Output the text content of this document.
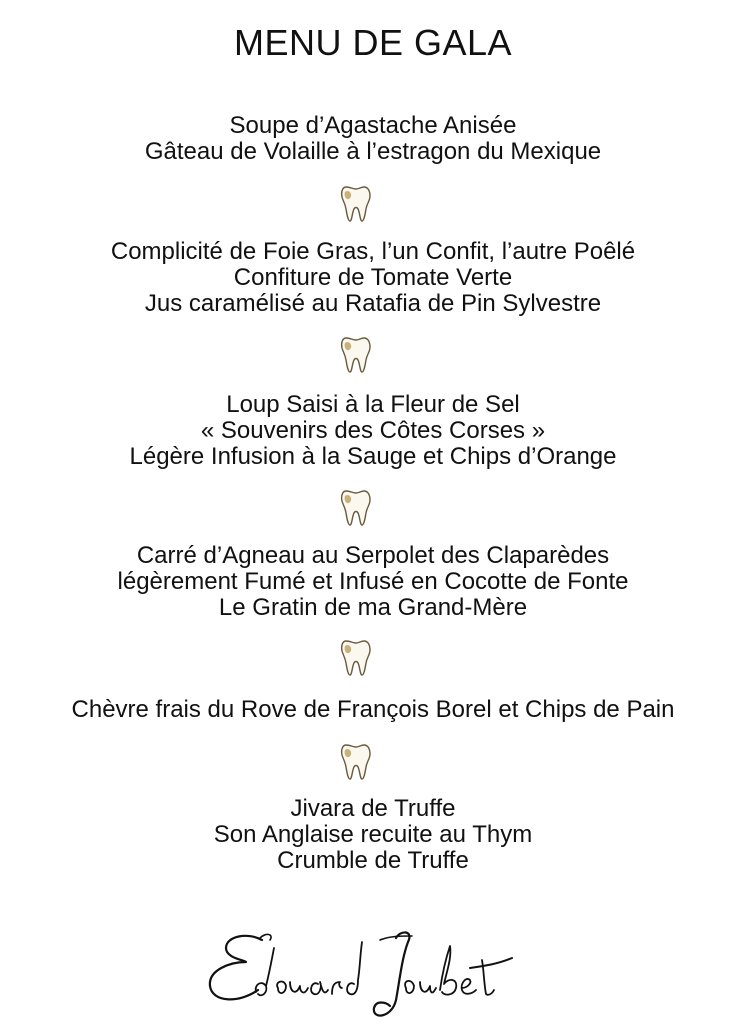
MENU DE GALA
Soupe d’Agastache Anisée
Gâteau de Volaille à l’estragon du Mexique
Complicité de Foie Gras, l’un Confit, l’autre Poêlé
Confiture de Tomate Verte
Jus caramélisé au Ratafia de Pin Sylvestre
Loup Saisi à la Fleur de Sel
« Souvenirs des Côtes Corses »
Légère Infusion à la Sauge et Chips d’Orange
Carré d’Agneau au Serpolet des Claparèdes
légèrement Fumé et Infusé en Cocotte de Fonte
Le Gratin de ma Grand-Mère
Chèvre frais du Rove de François Borel et Chips de Pain
Jivara de Truffe
Son Anglaise recuite au Thym
Crumble de Truffe
